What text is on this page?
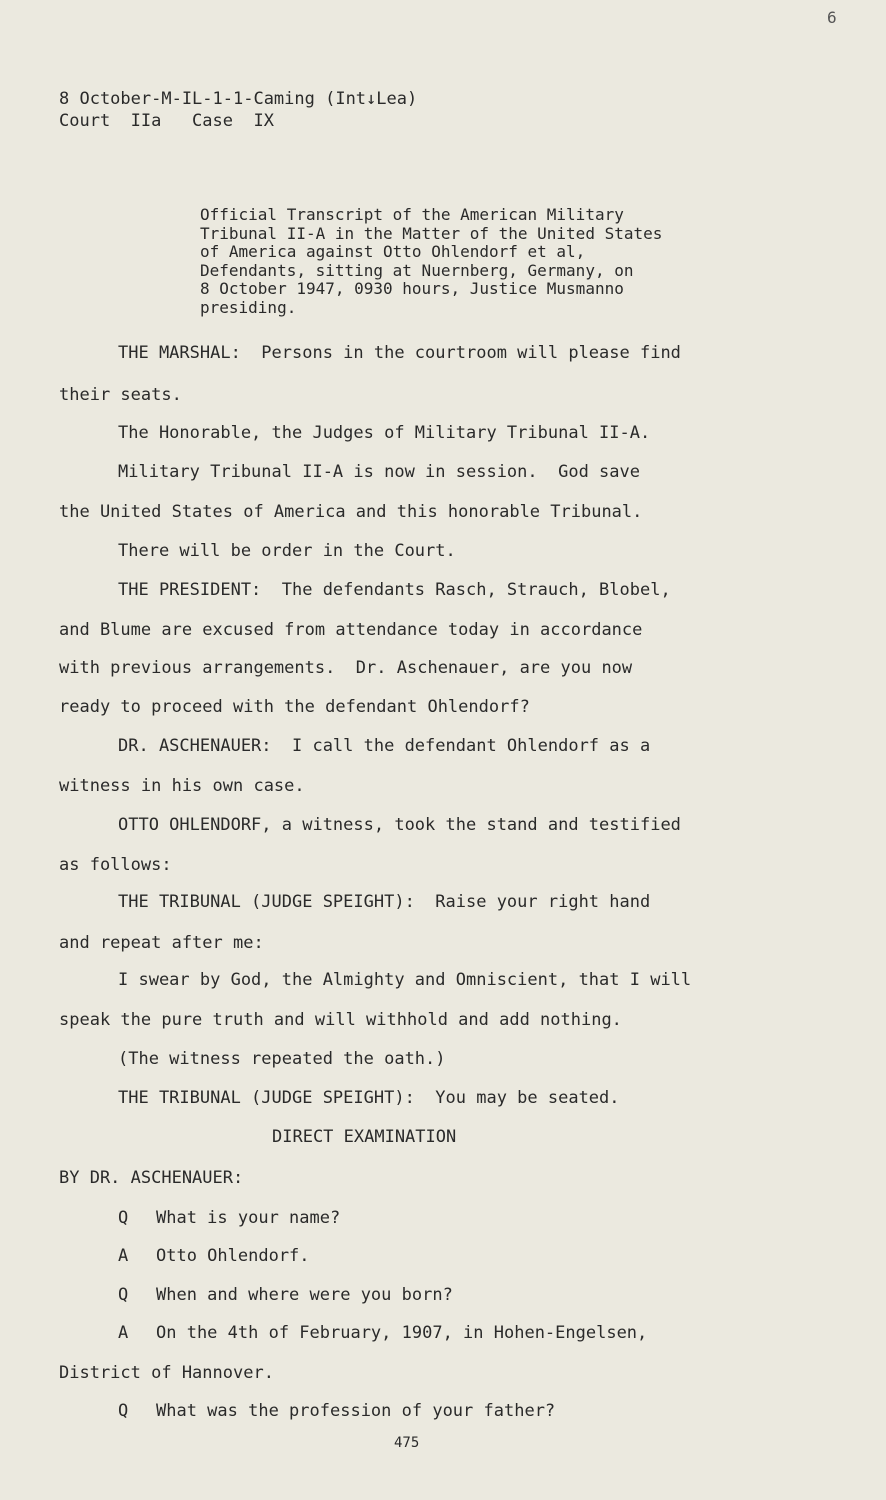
6
8 October-M-IL-1-1-Caming (Int↓Lea)
Court  IIa   Case  IX
Official Transcript of the American Military
Tribunal II-A in the Matter of the United States
of America against Otto Ohlendorf et al,
Defendants, sitting at Nuernberg, Germany, on
8 October 1947, 0930 hours, Justice Musmanno
presiding.
THE MARSHAL:  Persons in the courtroom will please find
their seats.
The Honorable, the Judges of Military Tribunal II-A.
Military Tribunal II-A is now in session.  God save
the United States of America and this honorable Tribunal.
There will be order in the Court.
THE PRESIDENT:  The defendants Rasch, Strauch, Blobel,
and Blume are excused from attendance today in accordance
with previous arrangements.  Dr. Aschenauer, are you now
ready to proceed with the defendant Ohlendorf?
DR. ASCHENAUER:  I call the defendant Ohlendorf as a
witness in his own case.
OTTO OHLENDORF, a witness, took the stand and testified
as follows:
THE TRIBUNAL (JUDGE SPEIGHT):  Raise your right hand
and repeat after me:
I swear by God, the Almighty and Omniscient, that I will
speak the pure truth and will withhold and add nothing.
(The witness repeated the oath.)
THE TRIBUNAL (JUDGE SPEIGHT):  You may be seated.
DIRECT EXAMINATION
BY DR. ASCHENAUER:
Q What is your name?
A Otto Ohlendorf.
Q When and where were you born?
A On the 4th of February, 1907, in Hohen-Engelsen,
District of Hannover.
Q What was the profession of your father?
475
